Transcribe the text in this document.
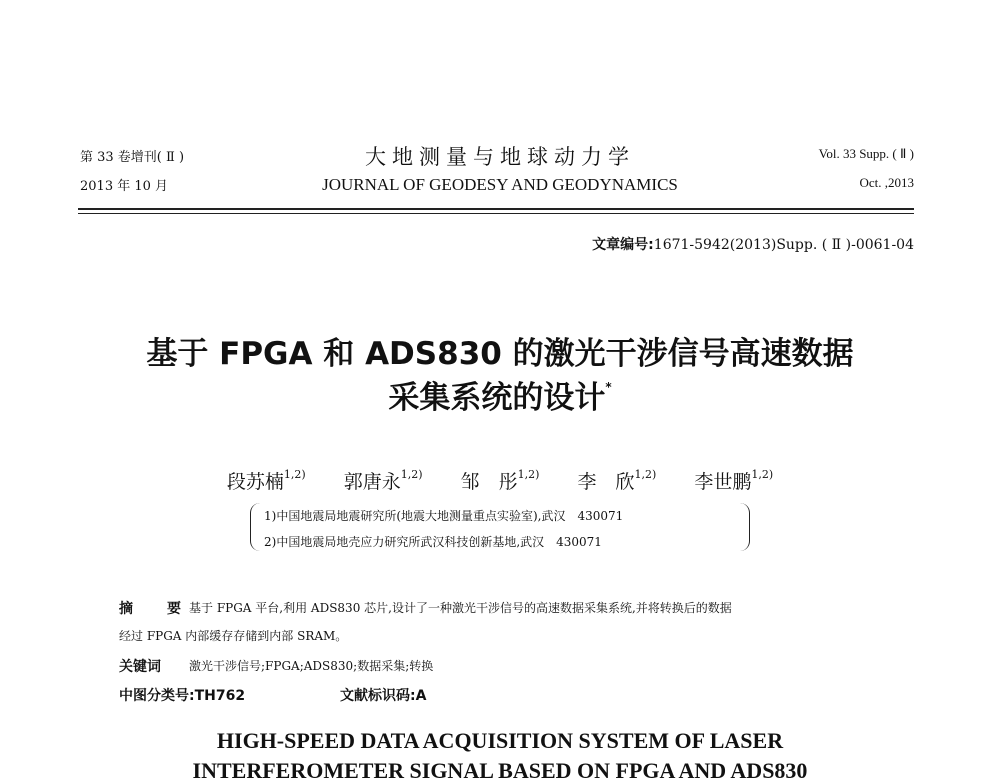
第 33 卷增刊( Ⅱ )
2013 年 10 月
大地测量与地球动力学
JOURNAL OF GEODESY AND GEODYNAMICS
Vol. 33 Supp. ( Ⅱ )
Oct. ,2013
文章编号:1671-5942(2013)Supp. ( Ⅱ )-0061-04
基于 FPGA 和 ADS830 的激光干涉信号高速数据
采集系统的设计*
段苏楠$^{1,2)}$ 郭唐永$^{1,2)}$ 邹　彤$^{1,2)}$ 李　欣$^{1,2)}$ 李世鹏$^{1,2)}$
1)中国地震局地震研究所(地震大地测量重点实验室),武汉　430071
2)中国地震局地壳应力研究所武汉科技创新基地,武汉　430071
摘　要
基于 FPGA 平台,利用 ADS830 芯片,设计了一种激光干涉信号的高速数据采集系统,并将转换后的数据
经过 FPGA 内部缓存存储到内部 SRAM。
关键词 激光干涉信号;FPGA;ADS830;数据采集;转换
中图分类号:TH762	文献标识码:A
HIGH-SPEED DATA ACQUISITION SYSTEM OF LASER
INTERFEROMETER SIGNAL BASED ON FPGA AND ADS830
